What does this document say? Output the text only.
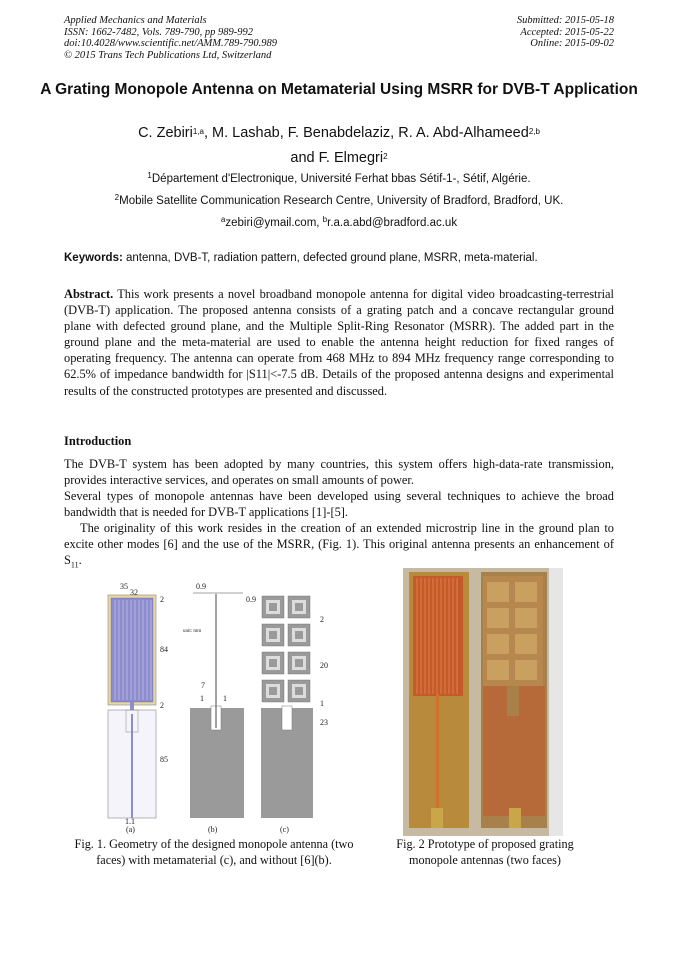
Applied Mechanics and Materials
ISSN: 1662-7482, Vols. 789-790, pp 989-992
doi:10.4028/www.scientific.net/AMM.789-790.989
© 2015 Trans Tech Publications Ltd, Switzerland
Submitted: 2015-05-18
Accepted: 2015-05-22
Online: 2015-09-02
A Grating Monopole Antenna on Metamaterial Using MSRR for DVB-T Application
C. Zebiri$^{1,a}$, M. Lashab, F. Benabdelaziz, R. A. Abd-Alhameed$^{2,b}$
and F. Elmegri$^2$
$^1$Département d'Electronique, Université Ferhat bbas Sétif-1-, Sétif, Algérie.
$^2$Mobile Satellite Communication Research Centre, University of Bradford, Bradford, UK.
$^a$zebiri@ymail.com, $^b$r.a.a.abd@bradford.ac.uk
Keywords: antenna, DVB-T, radiation pattern, defected ground plane, MSRR, meta-material.
Abstract. This work presents a novel broadband monopole antenna for digital video broadcasting-terrestrial (DVB-T) application. The proposed antenna consists of a grating patch and a concave rectangular ground plane with defected ground plane, and the Multiple Split-Ring Resonator (MSRR). The added part in the ground plane and the meta-material are used to enable the antenna height reduction for fixed ranges of operating frequency. The antenna can operate from 468 MHz to 894 MHz frequency range corresponding to 62.5% of impedance bandwidth for |S11|<-7.5 dB. Details of the proposed antenna designs and experimental results of the constructed prototypes are presented and discussed.
Introduction
The DVB-T system has been adopted by many countries, this system offers high-data-rate transmission, provides interactive services, and operates on small amounts of power.
Several types of monopole antennas have been developed using several techniques to achieve the broad bandwidth that is needed for DVB-T applications [1]-[5].
The originality of this work resides in the creation of an extended microstrip line in the ground plan to excite other modes [6] and the use of the MSRR, (Fig. 1). This original antenna presents an enhancement of $S_{11}$.
35
32
2
84
2
85
1.1
0.9
0.9
unit: mm
7
1 1
2
20
1
23
(a)	(b)	(c)
Fig. 1. Geometry of the designed monopole antenna (two faces) with metamaterial (c), and without [6](b).
Fig. 2 Prototype of proposed grating monopole antennas (two faces)
